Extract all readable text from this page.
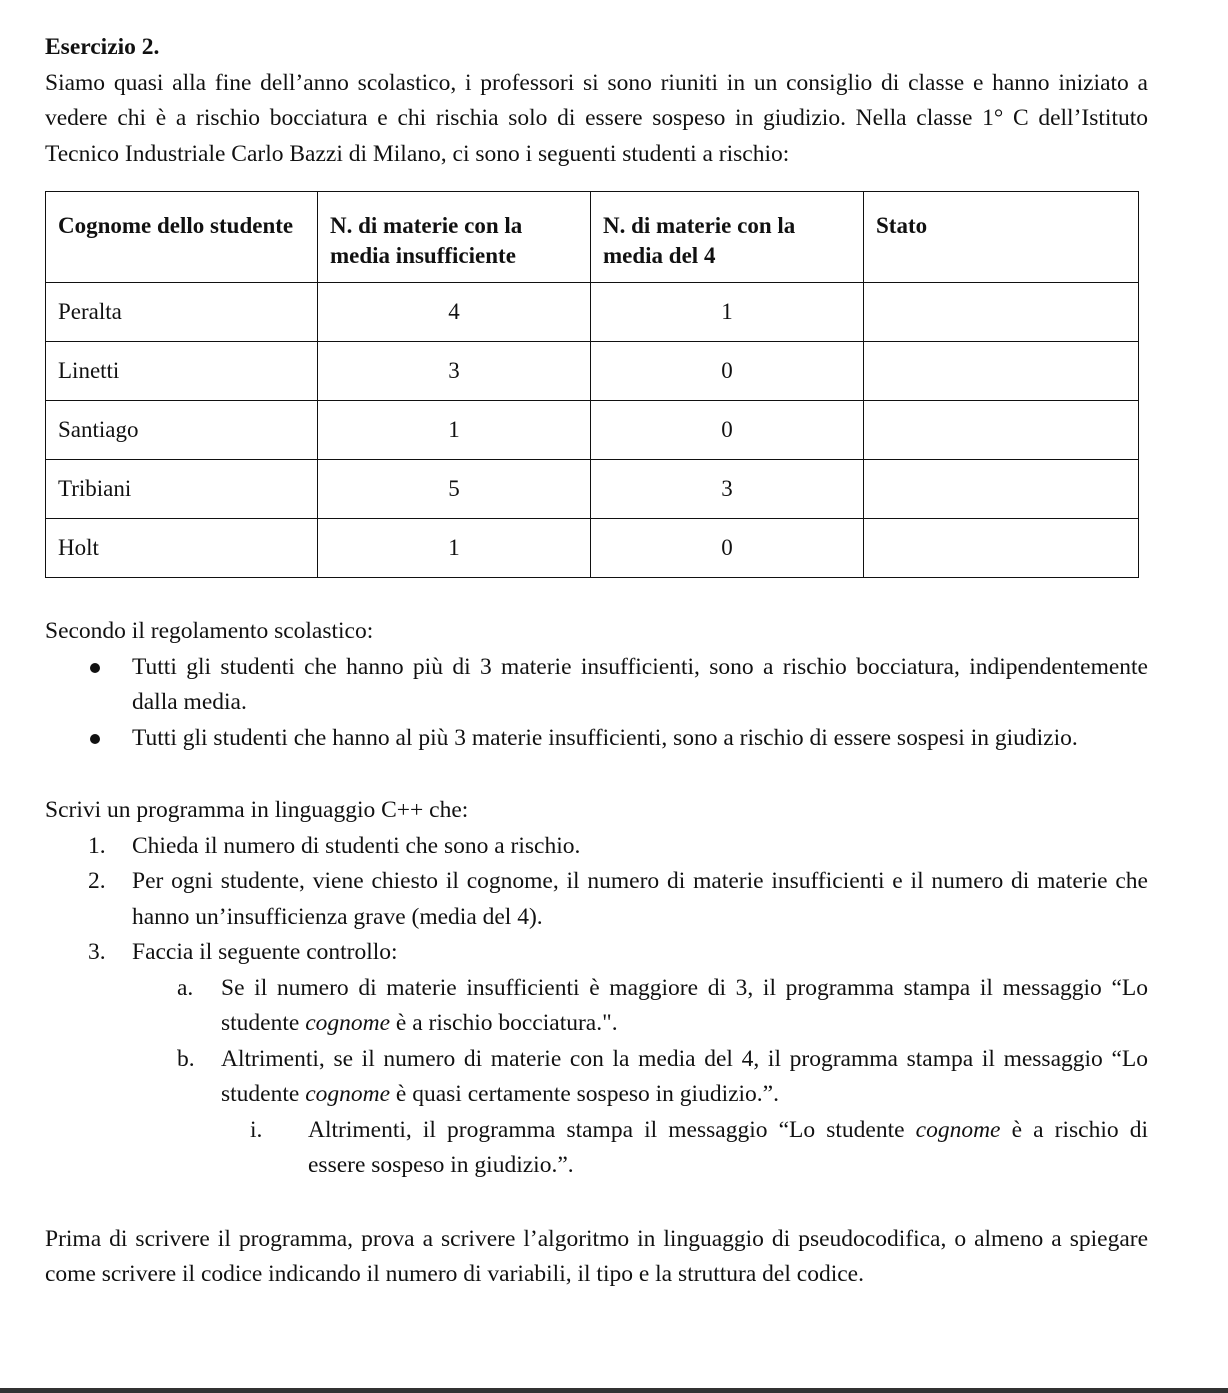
Esercizio 2.

Siamo quasi alla fine dell’anno scolastico, i professori si sono riuniti in un consiglio di classe e hanno iniziato a vedere chi è a rischio bocciatura e chi rischia solo di essere sospeso in giudizio. Nella classe 1° C dell’Istituto Tecnico Industriale Carlo Bazzi di Milano, ci sono i seguenti studenti a rischio:

Cognome dello studente	N. di materie con la media insufficiente	N. di materie con la media del 4	Stato
Peralta	4	1	
Linetti	3	0	
Santiago	1	0	
Tribiani	5	3	
Holt	1	0	

Secondo il regolamento scolastico:

Tutti gli studenti che hanno più di 3 materie insufficienti, sono a rischio bocciatura, indipendentemente dalla media.
Tutti gli studenti che hanno al più 3 materie insufficienti, sono a rischio di essere sospesi in giudizio.

Scrivi un programma in linguaggio C++ che:

1. Chieda il numero di studenti che sono a rischio.
2. Per ogni studente, viene chiesto il cognome, il numero di materie insufficienti e il numero di materie che hanno un’insufficienza grave (media del 4).
3. Faccia il seguente controllo:
a. Se il numero di materie insufficienti è maggiore di 3, il programma stampa il messaggio “Lo studente cognome è a rischio bocciatura.".
b. Altrimenti, se il numero di materie con la media del 4, il programma stampa il messaggio “Lo studente cognome è quasi certamente sospeso in giudizio.”.
i. Altrimenti, il programma stampa il messaggio “Lo studente cognome è a rischio di essere sospeso in giudizio.”.

Prima di scrivere il programma, prova a scrivere l’algoritmo in linguaggio di pseudocodifica, o almeno a spiegare come scrivere il codice indicando il numero di variabili, il tipo e la struttura del codice.
